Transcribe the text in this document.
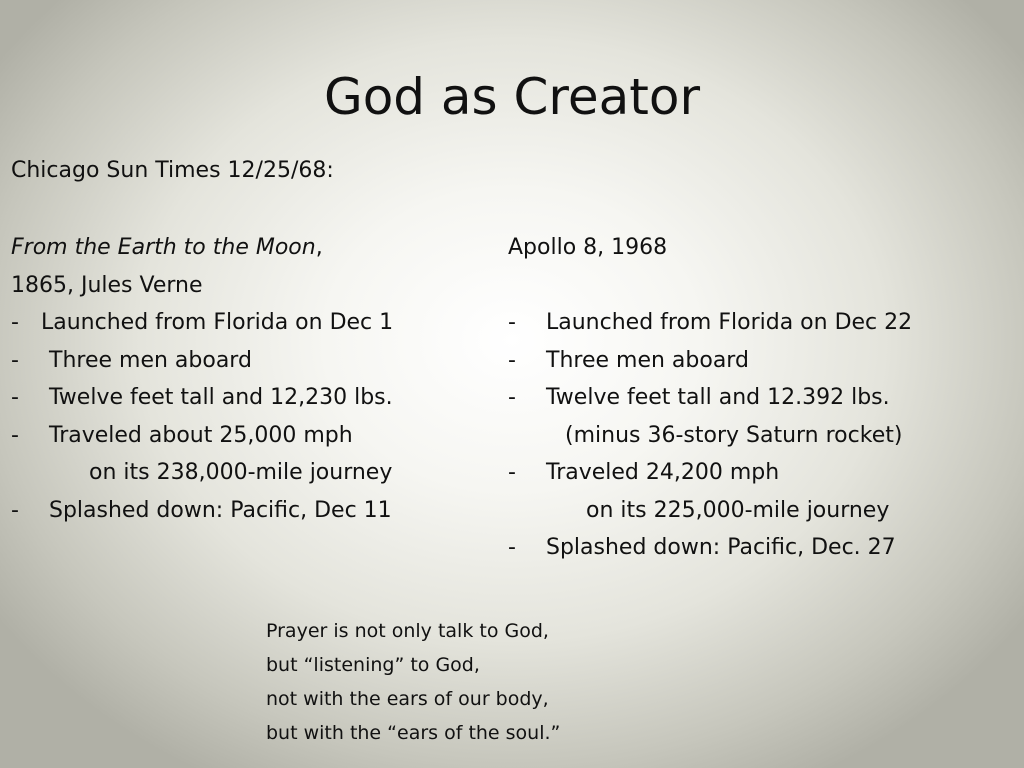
God as Creator

Chicago Sun Times 12/25/68:

From the Earth to the Moon,
1865, Jules Verne
- Launched from Florida on Dec 1
- Three men aboard
- Twelve feet tall and 12,230 lbs.
- Traveled about 25,000 mph
on its 238,000-mile journey
- Splashed down: Pacific, Dec 11
Apollo 8, 1968
- Launched from Florida on Dec 22
- Three men aboard
- Twelve feet tall and 12.392 lbs.
(minus 36-story Saturn rocket)
- Traveled 24,200 mph
on its 225,000-mile journey
- Splashed down: Pacific, Dec. 27
Prayer is not only talk to God,
but “listening” to God,
not with the ears of our body,
but with the “ears of the soul.”
